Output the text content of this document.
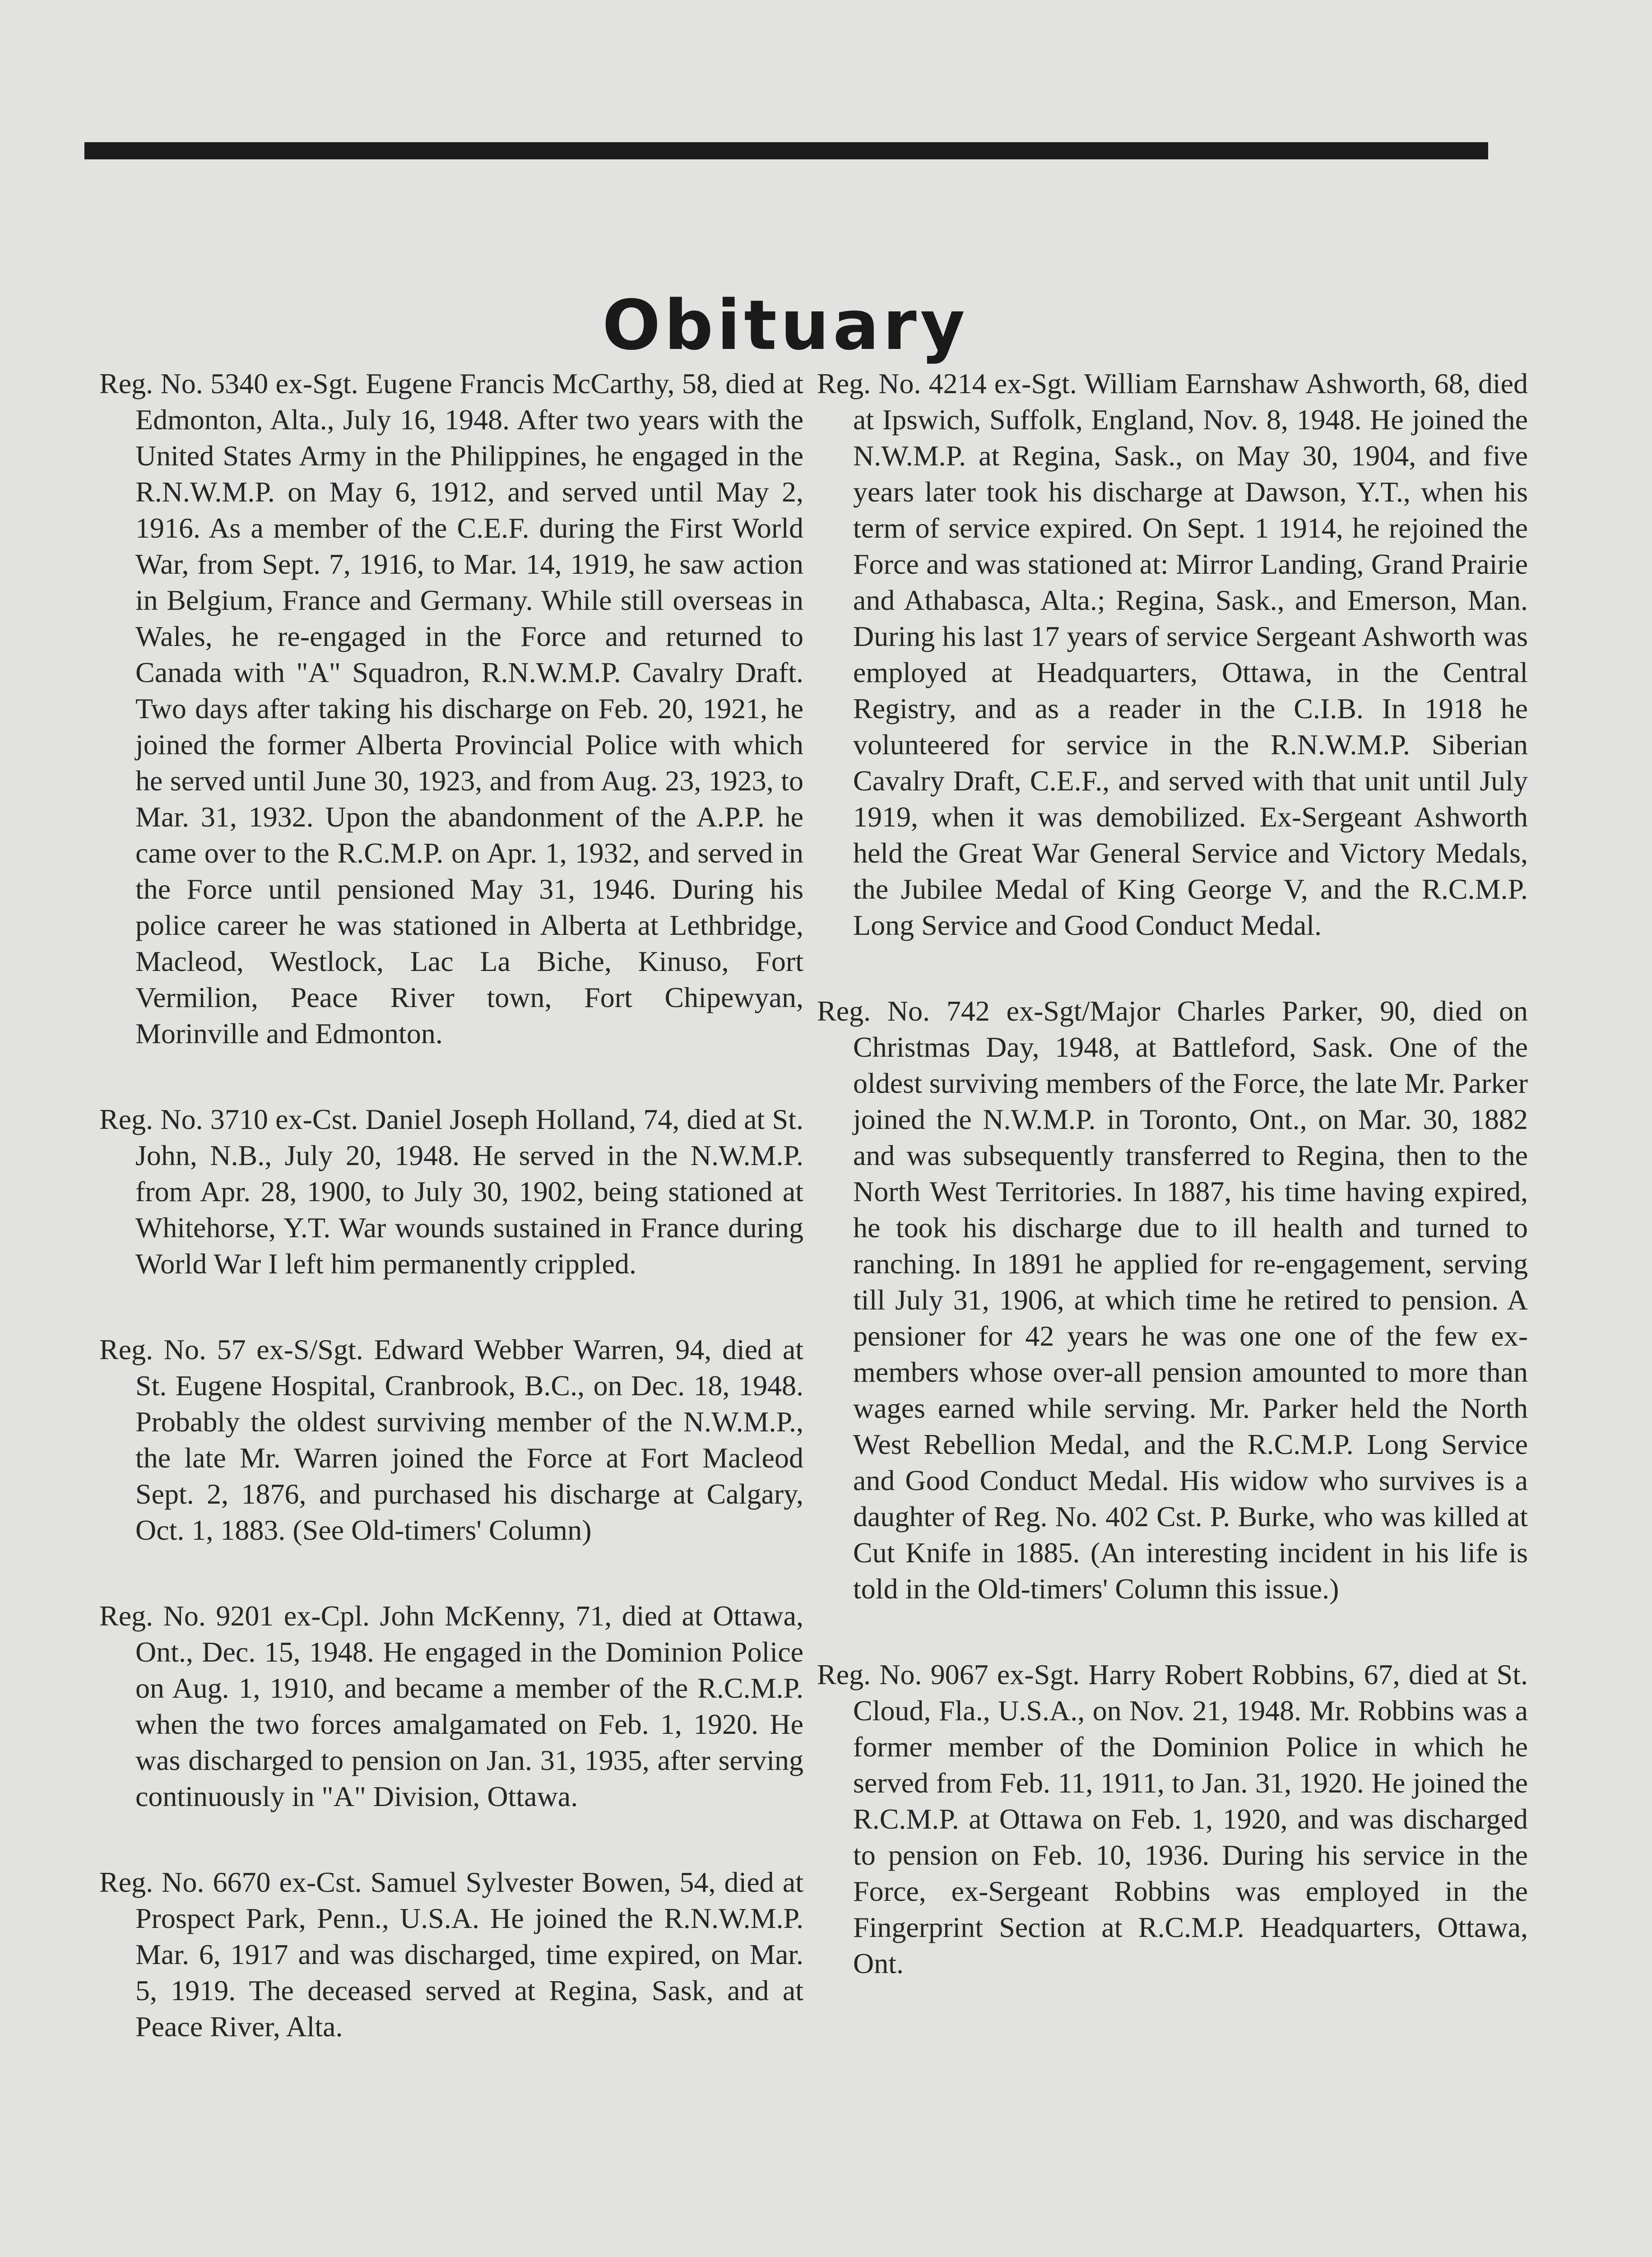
Obituary

Reg. No. 5340 ex-Sgt. Eugene Francis McCarthy, 58, died at Edmonton, Alta., July 16, 1948. After two years with the United States Army in the Philippines, he engaged in the R.N.W.M.P. on May 6, 1912, and served until May 2, 1916. As a member of the C.E.F. during the First World War, from Sept. 7, 1916, to Mar. 14, 1919, he saw action in Belgium, France and Germany. While still overseas in Wales, he re-engaged in the Force and returned to Canada with "A" Squadron, R.N.W.M.P. Cavalry Draft. Two days after taking his discharge on Feb. 20, 1921, he joined the former Alberta Provincial Police with which he served until June 30, 1923, and from Aug. 23, 1923, to Mar. 31, 1932. Upon the abandonment of the A.P.P. he came over to the R.C.M.P. on Apr. 1, 1932, and served in the Force until pensioned May 31, 1946. During his police career he was stationed in Alberta at Lethbridge, Macleod, Westlock, Lac La Biche, Kinuso, Fort Vermilion, Peace River town, Fort Chipewyan, Morinville and Edmonton.

Reg. No. 3710 ex-Cst. Daniel Joseph Holland, 74, died at St. John, N.B., July 20, 1948. He served in the N.W.M.P. from Apr. 28, 1900, to July 30, 1902, being stationed at Whitehorse, Y.T. War wounds sustained in France during World War I left him permanently crippled.

Reg. No. 57 ex-S/Sgt. Edward Webber Warren, 94, died at St. Eugene Hospital, Cranbrook, B.C., on Dec. 18, 1948. Probably the oldest surviving member of the N.W.M.P., the late Mr. Warren joined the Force at Fort Macleod Sept. 2, 1876, and purchased his discharge at Calgary, Oct. 1, 1883. (See Old-timers' Column)

Reg. No. 9201 ex-Cpl. John McKenny, 71, died at Ottawa, Ont., Dec. 15, 1948. He engaged in the Dominion Police on Aug. 1, 1910, and became a member of the R.C.M.P. when the two forces amalgamated on Feb. 1, 1920. He was discharged to pension on Jan. 31, 1935, after serving continuously in "A" Division, Ottawa.

Reg. No. 6670 ex-Cst. Samuel Sylvester Bowen, 54, died at Prospect Park, Penn., U.S.A. He joined the R.N.W.M.P. Mar. 6, 1917 and was discharged, time expired, on Mar. 5, 1919. The deceased served at Regina, Sask, and at Peace River, Alta.

Reg. No. 4214 ex-Sgt. William Earnshaw Ashworth, 68, died at Ipswich, Suffolk, England, Nov. 8, 1948. He joined the N.W.M.P. at Regina, Sask., on May 30, 1904, and five years later took his discharge at Dawson, Y.T., when his term of service expired. On Sept. 1 1914, he rejoined the Force and was stationed at: Mirror Landing, Grand Prairie and Athabasca, Alta.; Regina, Sask., and Emerson, Man. During his last 17 years of service Sergeant Ashworth was employed at Headquarters, Ottawa, in the Central Registry, and as a reader in the C.I.B. In 1918 he volunteered for service in the R.N.W.M.P. Siberian Cavalry Draft, C.E.F., and served with that unit until July 1919, when it was demobilized. Ex-Sergeant Ashworth held the Great War General Service and Victory Medals, the Jubilee Medal of King George V, and the R.C.M.P. Long Service and Good Conduct Medal.

Reg. No. 742 ex-Sgt/Major Charles Parker, 90, died on Christmas Day, 1948, at Battleford, Sask. One of the oldest surviving members of the Force, the late Mr. Parker joined the N.W.M.P. in Toronto, Ont., on Mar. 30, 1882 and was subsequently transferred to Regina, then to the North West Territories. In 1887, his time having expired, he took his discharge due to ill health and turned to ranching. In 1891 he applied for re-engagement, serving till July 31, 1906, at which time he retired to pension. A pensioner for 42 years he was one one of the few ex-members whose over-all pension amounted to more than wages earned while serving. Mr. Parker held the North West Rebellion Medal, and the R.C.M.P. Long Service and Good Conduct Medal. His widow who survives is a daughter of Reg. No. 402 Cst. P. Burke, who was killed at Cut Knife in 1885. (An interesting incident in his life is told in the Old-timers' Column this issue.)

Reg. No. 9067 ex-Sgt. Harry Robert Robbins, 67, died at St. Cloud, Fla., U.S.A., on Nov. 21, 1948. Mr. Robbins was a former member of the Dominion Police in which he served from Feb. 11, 1911, to Jan. 31, 1920. He joined the R.C.M.P. at Ottawa on Feb. 1, 1920, and was discharged to pension on Feb. 10, 1936. During his service in the Force, ex-Sergeant Robbins was employed in the Fingerprint Section at R.C.M.P. Headquarters, Ottawa, Ont.
